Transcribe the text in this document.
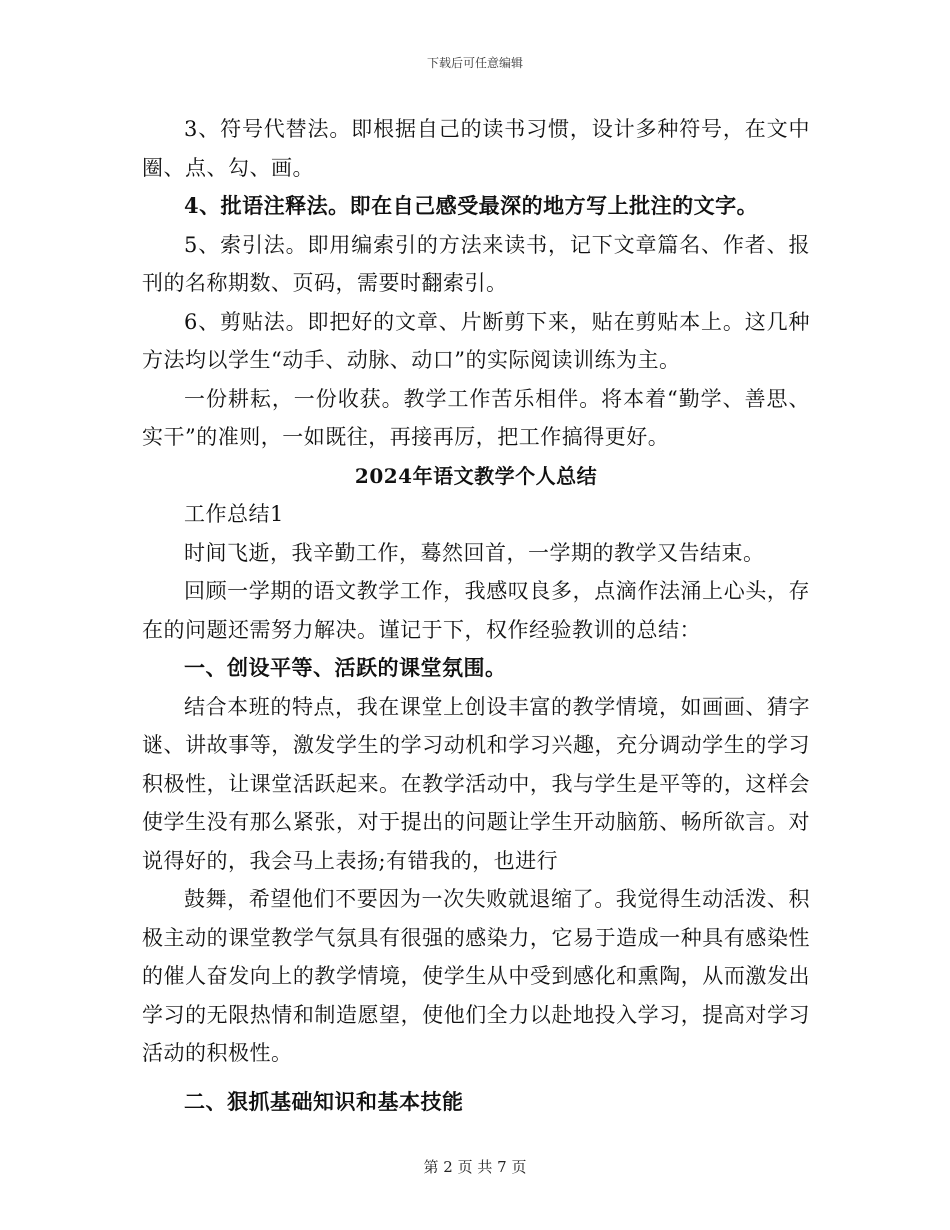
下载后可任意编辑

3、符号代替法。即根据自己的读书习惯，设计多种符号，在文中圈、点、勾、画。

4、批语注释法。即在自己感受最深的地方写上批注的文字。

5、索引法。即用编索引的方法来读书，记下文章篇名、作者、报刊的名称期数、页码，需要时翻索引。

6、剪贴法。即把好的文章、片断剪下来，贴在剪贴本上。这几种方法均以学生“动手、动脉、动口”的实际阅读训练为主。

一份耕耘，一份收获。教学工作苦乐相伴。将本着“勤学、善思、实干”的准则，一如既往，再接再厉，把工作搞得更好。

2024年语文教学个人总结

工作总结1

时间飞逝，我辛勤工作，蓦然回首，一学期的教学又告结束。

回顾一学期的语文教学工作，我感叹良多，点滴作法涌上心头，存在的问题还需努力解决。谨记于下，权作经验教训的总结：

一、创设平等、活跃的课堂氛围。

结合本班的特点，我在课堂上创设丰富的教学情境，如画画、猜字谜、讲故事等，激发学生的学习动机和学习兴趣，充分调动学生的学习积极性，让课堂活跃起来。在教学活动中，我与学生是平等的，这样会使学生没有那么紧张，对于提出的问题让学生开动脑筋、畅所欲言。对说得好的，我会马上表扬;有错我的，也进行

鼓舞，希望他们不要因为一次失败就退缩了。我觉得生动活泼、积极主动的课堂教学气氛具有很强的感染力，它易于造成一种具有感染性的催人奋发向上的教学情境，使学生从中受到感化和熏陶，从而激发出学习的无限热情和制造愿望，使他们全力以赴地投入学习，提高对学习活动的积极性。

二、狠抓基础知识和基本技能

第 2 页 共 7 页
